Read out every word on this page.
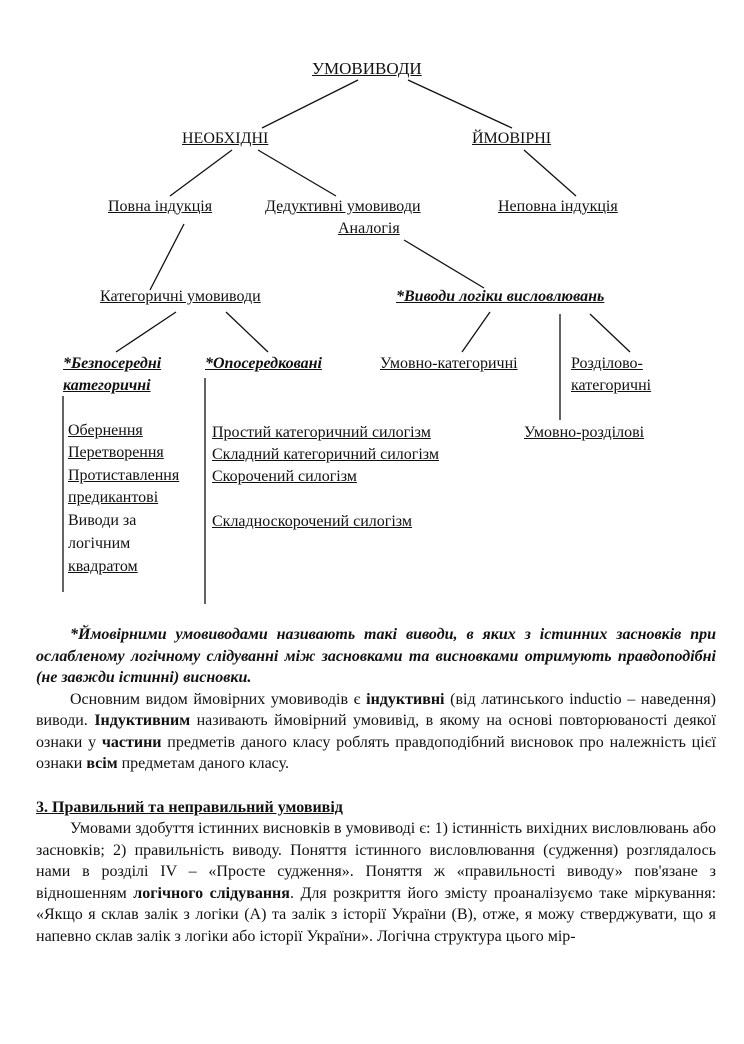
УМОВИВОДИ
НЕОБХІДНІ	ЙМОВІРНІ
Повна індукція	Дедуктивні умовиводи
Аналогія
Неповна індукція
Категоричні умовиводи	*Виводи логіки висловлювань
*Безпосередні
категоричні
*Опосередковані	Умовно-категоричні	Розділово-
категоричні
Умовно-розділові
Обернення
Перетворення
Протиставлення
предикантові
Виводи за
логічним
квадратом
Простий категоричний силогізм
Складний категоричний силогізм
Скорочений силогізм
Складноскорочений силогізм

*Ймовірними умовиводами називають такі виводи, в яких з істинних засновків при ослабленому логічному слідуванні між засновками та висновками отримують правдоподібні (не завжди істинні) висновки.

Основним видом ймовірних умовиводів є індуктивні (від латинського inductio – наведення) виводи. Індуктивним називають ймовірний умовивід, в якому на основі повторюваності деякої ознаки у частини предметів даного класу роблять правдоподібний висновок про належність цієї ознаки всім предметам даного класу.

3. Правильний та неправильний умовивід

Умовами здобуття істинних висновків в умовиводі є: 1) істинність вихідних висловлювань або засновків; 2) правильність виводу. Поняття істинного висловлювання (судження) розглядалось нами в розділі IV – «Просте судження». Поняття ж «правильності виводу» пов'язане з відношенням логічного слідування. Для розкриття його змісту проаналізуємо таке міркування: «Якщо я склав залік з логіки (А) та залік з історії України (В), отже, я можу стверджувати, що я напевно склав залік з логіки або історії України». Логічна структура цього мір-
